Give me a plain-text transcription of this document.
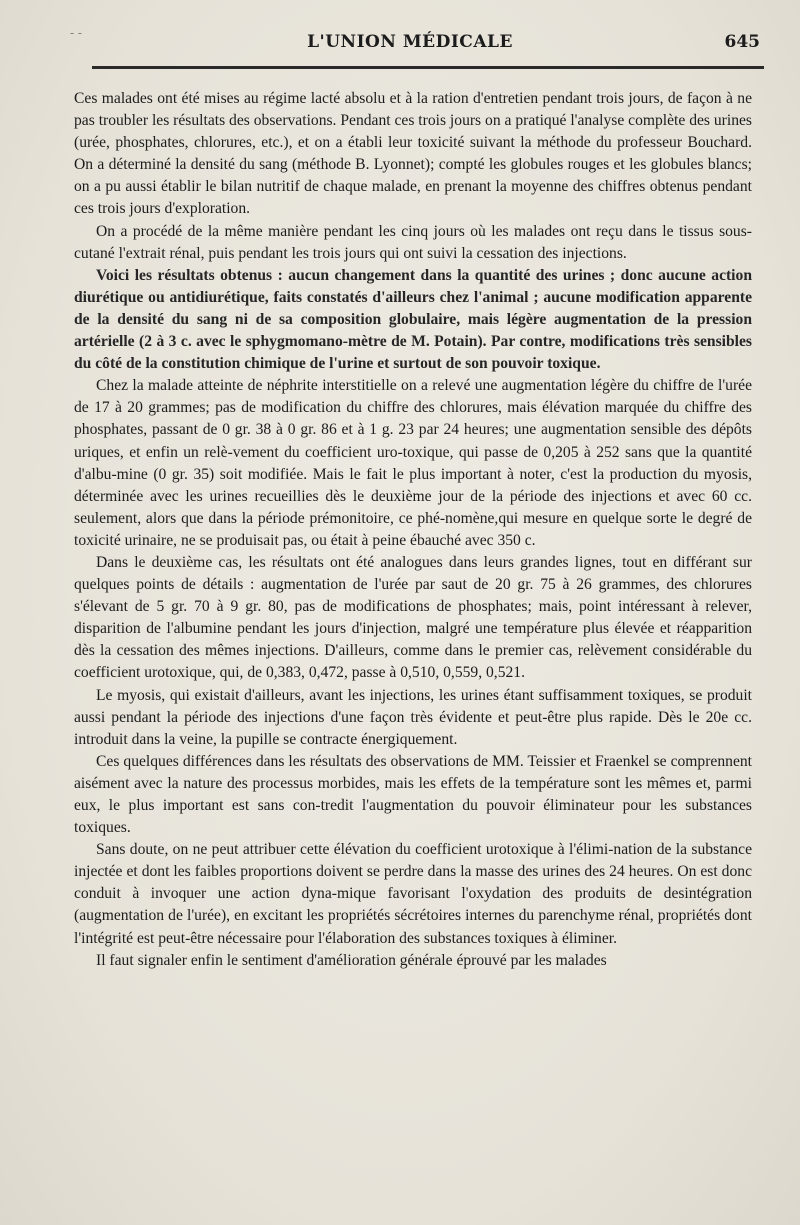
- -	L'UNION MÉDICALE	645

Ces malades ont été mises au régime lacté absolu et à la ration d'entretien pendant trois jours, de façon à ne pas troubler les résultats des observations. Pendant ces trois jours on a pratiqué l'analyse complète des urines (urée, phosphates, chlorures, etc.), et on a établi leur toxicité suivant la méthode du professeur Bouchard. On a déterminé la densité du sang (méthode B. Lyonnet); compté les globules rouges et les globules blancs; on a pu aussi établir le bilan nutritif de chaque malade, en prenant la moyenne des chiffres obtenus pendant ces trois jours d'exploration.

On a procédé de la même manière pendant les cinq jours où les malades ont reçu dans le tissus sous-cutané l'extrait rénal, puis pendant les trois jours qui ont suivi la cessation des injections.

Voici les résultats obtenus : aucun changement dans la quantité des urines ; donc aucune action diurétique ou antidiurétique, faits constatés d'ailleurs chez l'animal ; aucune modification apparente de la densité du sang ni de sa composition globulaire, mais légère augmentation de la pression artérielle (2 à 3 c. avec le sphygmomano-mètre de M. Potain). Par contre, modifications très sensibles du côté de la constitution chimique de l'urine et surtout de son pouvoir toxique.

Chez la malade atteinte de néphrite interstitielle on a relevé une augmentation légère du chiffre de l'urée de 17 à 20 grammes; pas de modification du chiffre des chlorures, mais élévation marquée du chiffre des phosphates, passant de 0 gr. 38 à 0 gr. 86 et à 1 g. 23 par 24 heures; une augmentation sensible des dépôts uriques, et enfin un relè-vement du coefficient uro-toxique, qui passe de 0,205 à 252 sans que la quantité d'albu-mine (0 gr. 35) soit modifiée. Mais le fait le plus important à noter, c'est la production du myosis, déterminée avec les urines recueillies dès le deuxième jour de la période des injections et avec 60 cc. seulement, alors que dans la période prémonitoire, ce phé-nomène,qui mesure en quelque sorte le degré de toxicité urinaire, ne se produisait pas, ou était à peine ébauché avec 350 c.

Dans le deuxième cas, les résultats ont été analogues dans leurs grandes lignes, tout en différant sur quelques points de détails : augmentation de l'urée par saut de 20 gr. 75 à 26 grammes, des chlorures s'élevant de 5 gr. 70 à 9 gr. 80, pas de modifications de phosphates; mais, point intéressant à relever, disparition de l'albumine pendant les jours d'injection, malgré une température plus élevée et réapparition dès la cessation des mêmes injections. D'ailleurs, comme dans le premier cas, relèvement considérable du coefficient urotoxique, qui, de 0,383, 0,472, passe à 0,510, 0,559, 0,521.

Le myosis, qui existait d'ailleurs, avant les injections, les urines étant suffisamment toxiques, se produit aussi pendant la période des injections d'une façon très évidente et peut-être plus rapide. Dès le 20e cc. introduit dans la veine, la pupille se contracte énergiquement.

Ces quelques différences dans les résultats des observations de MM. Teissier et Fraenkel se comprennent aisément avec la nature des processus morbides, mais les effets de la température sont les mêmes et, parmi eux, le plus important est sans con-tredit l'augmentation du pouvoir éliminateur pour les substances toxiques.

Sans doute, on ne peut attribuer cette élévation du coefficient urotoxique à l'élimi-nation de la substance injectée et dont les faibles proportions doivent se perdre dans la masse des urines des 24 heures. On est donc conduit à invoquer une action dyna-mique favorisant l'oxydation des produits de desintégration (augmentation de l'urée), en excitant les propriétés sécrétoires internes du parenchyme rénal, propriétés dont l'intégrité est peut-être nécessaire pour l'élaboration des substances toxiques à éliminer.

Il faut signaler enfin le sentiment d'amélioration générale éprouvé par les malades
